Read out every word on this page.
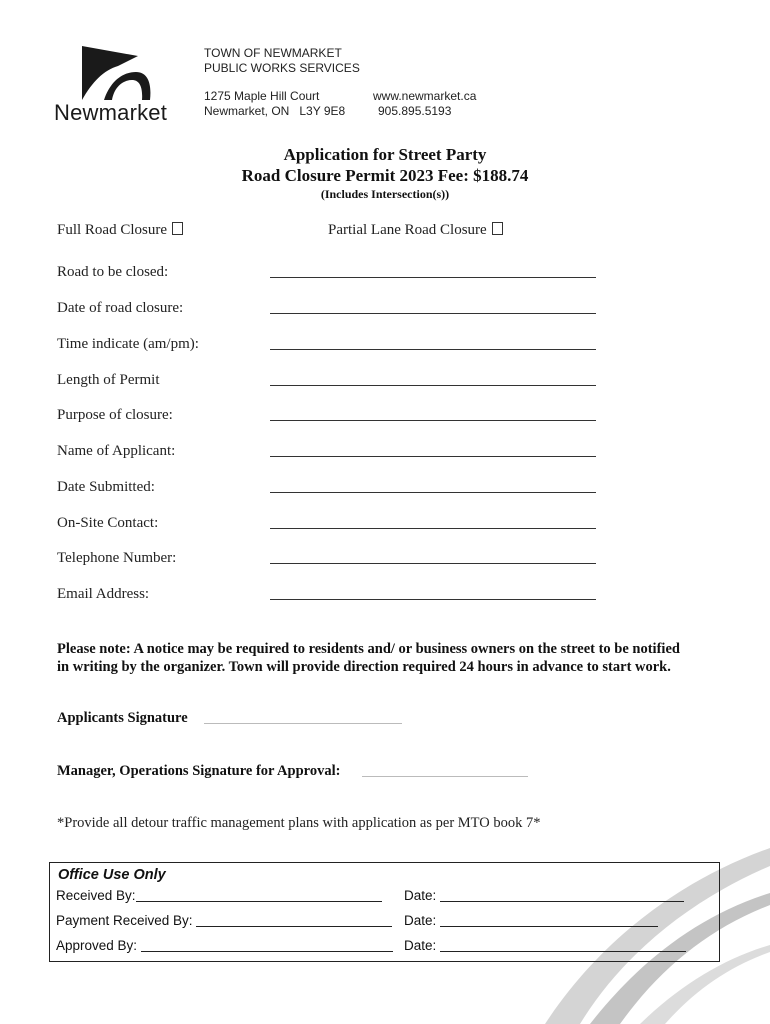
Newmarket
TOWN OF NEWMARKET
PUBLIC WORKS SERVICES
1275 Maple Hill Court
Newmarket, ON   L3Y 9E8
www.newmarket.ca
905.895.5193
Application for Street Party
Road Closure Permit 2023 Fee: $188.74
(Includes Intersection(s))
Full Road Closure	Partial Lane Road Closure
Road to be closed:
Date of road closure:
Time indicate (am/pm):
Length of Permit
Purpose of closure:
Name of Applicant:
Date Submitted:
On-Site Contact:
Telephone Number:
Email Address:
Please note: A notice may be required to residents and/ or business owners on the street to be notified
in writing by the organizer. Town will provide direction required 24 hours in advance to start work.
Applicants Signature
Manager, Operations Signature for Approval:
*Provide all detour traffic management plans with application as per MTO book 7*
Office Use Only
Received By:	Date:
Payment Received By:	Date:
Approved By:	Date:
